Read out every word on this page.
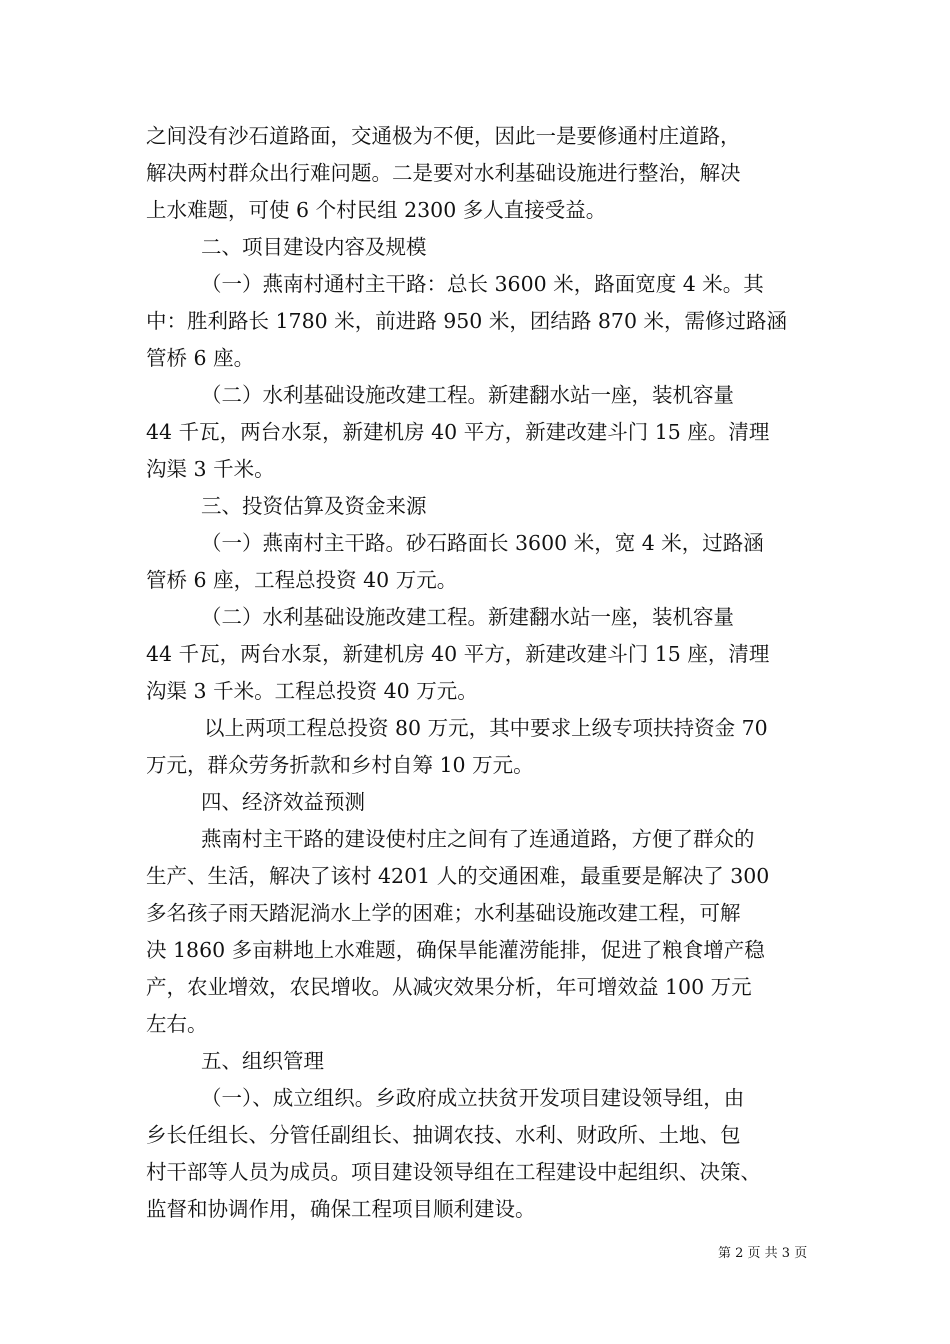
之间没有沙石道路面，交通极为不便，因此一是要修通村庄道路，
解决两村群众出行难问题。二是要对水利基础设施进行整治，解决
上水难题，可使 6 个村民组 2300 多人直接受益。
二、项目建设内容及规模
（一）燕南村通村主干路：总长 3600 米，路面宽度 4 米。其
中：胜利路长 1780 米，前进路 950 米，团结路 870 米，需修过路涵
管桥 6 座。
（二）水利基础设施改建工程。新建翻水站一座，装机容量
44 千瓦，两台水泵，新建机房 40 平方，新建改建斗门 15 座。清理
沟渠 3 千米。
三、投资估算及资金来源
（一）燕南村主干路。砂石路面长 3600 米，宽 4 米，过路涵
管桥 6 座，工程总投资 40 万元。
（二）水利基础设施改建工程。新建翻水站一座，装机容量
44 千瓦，两台水泵，新建机房 40 平方，新建改建斗门 15 座，清理
沟渠 3 千米。工程总投资 40 万元。
以上两项工程总投资 80 万元，其中要求上级专项扶持资金 70
万元，群众劳务折款和乡村自筹 10 万元。
四、经济效益预测
燕南村主干路的建设使村庄之间有了连通道路，方便了群众的
生产、生活，解决了该村 4201 人的交通困难，最重要是解决了 300
多名孩子雨天踏泥淌水上学的困难；水利基础设施改建工程，可解
决 1860 多亩耕地上水难题，确保旱能灌涝能排，促进了粮食增产稳
产，农业增效，农民增收。从减灾效果分析，年可增效益 100 万元
左右。
五、组织管理
（一）、成立组织。乡政府成立扶贫开发项目建设领导组，由
乡长任组长、分管任副组长、抽调农技、水利、财政所、土地、包
村干部等人员为成员。项目建设领导组在工程建设中起组织、决策、
监督和协调作用，确保工程项目顺利建设。
第 2 页 共 3 页
